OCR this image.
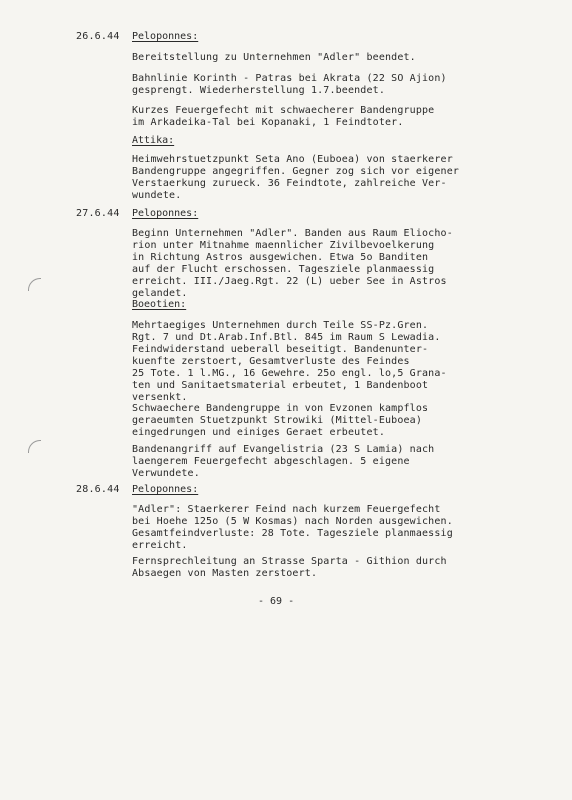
26.6.44 Peloponnes:
Bereitstellung zu Unternehmen "Adler" beendet.
Bahnlinie Korinth - Patras bei Akrata (22 SO Ajion)
gesprengt. Wiederherstellung 1.7.beendet.
Kurzes Feuergefecht mit schwaecherer Bandengruppe
im Arkadeika-Tal bei Kopanaki, 1 Feindtoter.
Attika:
Heimwehrstuetzpunkt Seta Ano (Euboea) von staerkerer
Bandengruppe angegriffen. Gegner zog sich vor eigener
Verstaerkung zurueck. 36 Feindtote, zahlreiche Ver-
wundete.
27.6.44 Peloponnes:
Beginn Unternehmen "Adler". Banden aus Raum Eliocho-
rion unter Mitnahme maennlicher Zivilbevoelkerung
in Richtung Astros ausgewichen. Etwa 5o Banditen
auf der Flucht erschossen. Tagesziele planmaessig
erreicht. III./Jaeg.Rgt. 22 (L) ueber See in Astros
gelandet.
Boeotien:
Mehrtaegiges Unternehmen durch Teile SS-Pz.Gren.
Rgt. 7 und Dt.Arab.Inf.Btl. 845 im Raum S Lewadia.
Feindwiderstand ueberall beseitigt. Bandenunter-
kuenfte zerstoert, Gesamtverluste des Feindes
25 Tote. 1 l.MG., 16 Gewehre. 25o engl. lo,5 Grana-
ten und Sanitaetsmaterial erbeutet, 1 Bandenboot
versenkt.
Schwaechere Bandengruppe in von Evzonen kampflos
geraeumten Stuetzpunkt Strowiki (Mittel-Euboea)
eingedrungen und einiges Geraet erbeutet.
Bandenangriff auf Evangelistria (23 S Lamia) nach
laengerem Feuergefecht abgeschlagen. 5 eigene
Verwundete.
28.6.44 Peloponnes:
"Adler": Staerkerer Feind nach kurzem Feuergefecht
bei Hoehe 125o (5 W Kosmas) nach Norden ausgewichen.
Gesamtfeindverluste: 28 Tote. Tagesziele planmaessig
erreicht.
Fernsprechleitung an Strasse Sparta - Githion durch
Absaegen von Masten zerstoert.
- 69 -
